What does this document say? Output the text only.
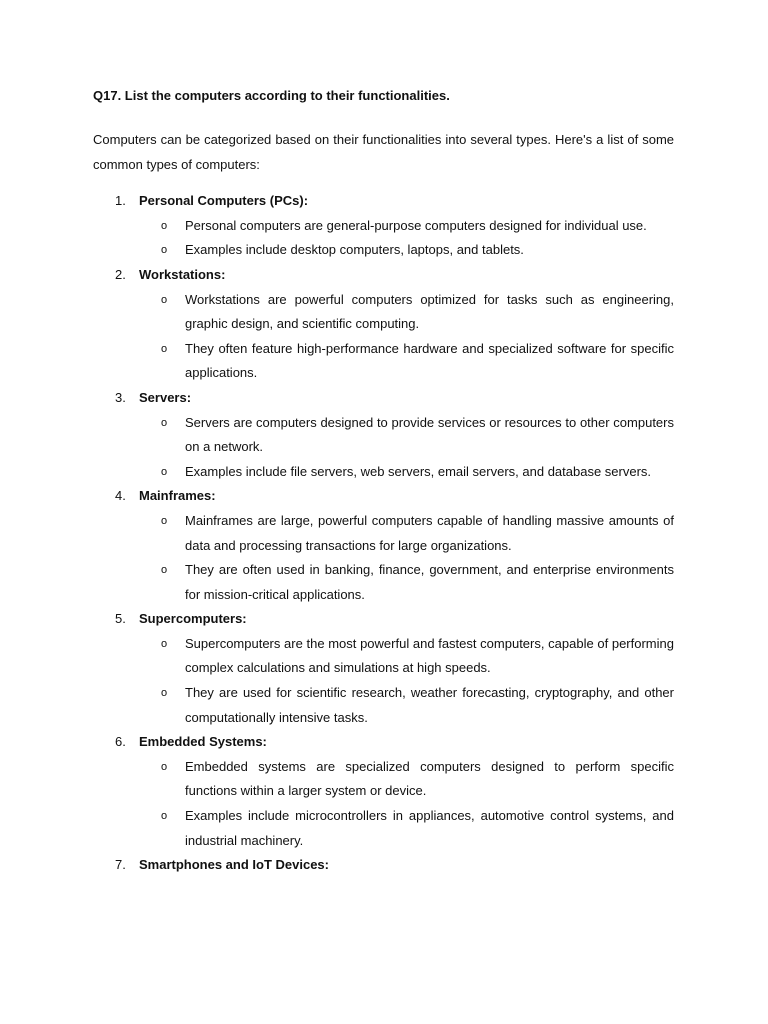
Q17. List the computers according to their functionalities.
Computers can be categorized based on their functionalities into several types. Here's a list of some common types of computers:
1.	Personal Computers (PCs):
o Personal computers are general-purpose computers designed for individual use.
o Examples include desktop computers, laptops, and tablets.
2.	Workstations:
o Workstations are powerful computers optimized for tasks such as engineering, graphic design, and scientific computing.
o They often feature high-performance hardware and specialized software for specific applications.
3.	Servers:
o Servers are computers designed to provide services or resources to other computers on a network.
o Examples include file servers, web servers, email servers, and database servers.
4.	Mainframes:
o Mainframes are large, powerful computers capable of handling massive amounts of data and processing transactions for large organizations.
o They are often used in banking, finance, government, and enterprise environments for mission-critical applications.
5.	Supercomputers:
o Supercomputers are the most powerful and fastest computers, capable of performing complex calculations and simulations at high speeds.
o They are used for scientific research, weather forecasting, cryptography, and other computationally intensive tasks.
6.	Embedded Systems:
o Embedded systems are specialized computers designed to perform specific functions within a larger system or device.
o Examples include microcontrollers in appliances, automotive control systems, and industrial machinery.
7.	Smartphones and IoT Devices:
